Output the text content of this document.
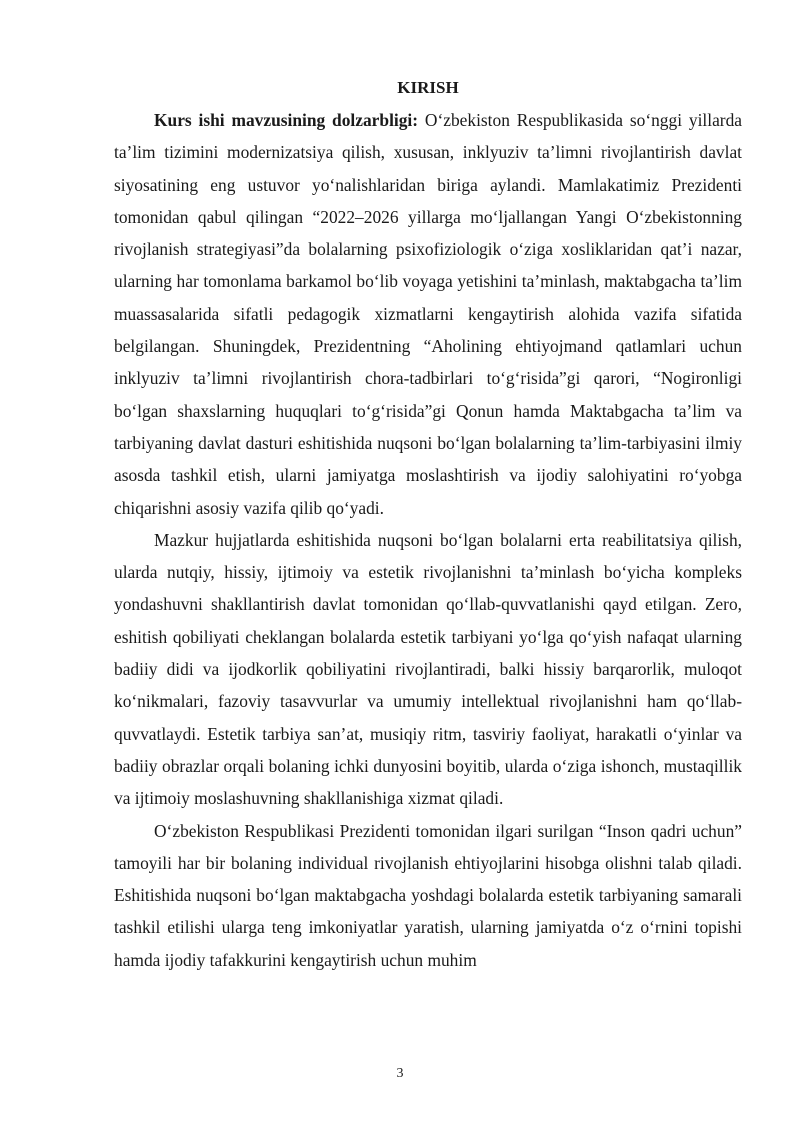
KIRISH

Kurs ishi mavzusining dolzarbligi: O‘zbekiston Respublikasida so‘nggi yillarda ta’lim tizimini modernizatsiya qilish, xususan, inklyuziv ta’limni rivojlantirish davlat siyosatining eng ustuvor yo‘nalishlaridan biriga aylandi. Mamlakatimiz Prezidenti tomonidan qabul qilingan “2022–2026 yillarga mo‘ljallangan Yangi O‘zbekistonning rivojlanish strategiyasi”da bolalarning psixofiziologik o‘ziga xosliklaridan qat’i nazar, ularning har tomonlama barkamol bo‘lib voyaga yetishini ta’minlash, maktabgacha ta’lim muassasalarida sifatli pedagogik xizmatlarni kengaytirish alohida vazifa sifatida belgilangan. Shuningdek, Prezidentning “Aholining ehtiyojmand qatlamlari uchun inklyuziv ta’limni rivojlantirish chora-tadbirlari to‘g‘risida”gi qarori, “Nogironligi bo‘lgan shaxslarning huquqlari to‘g‘risida”gi Qonun hamda Maktabgacha ta’lim va tarbiyaning davlat dasturi eshitishida nuqsoni bo‘lgan bolalarning ta’lim-tarbiyasini ilmiy asosda tashkil etish, ularni jamiyatga moslashtirish va ijodiy salohiyatini ro‘yobga chiqarishni asosiy vazifa qilib qo‘yadi.

Mazkur hujjatlarda eshitishida nuqsoni bo‘lgan bolalarni erta reabilitatsiya qilish, ularda nutqiy, hissiy, ijtimoiy va estetik rivojlanishni ta’minlash bo‘yicha kompleks yondashuvni shakllantirish davlat tomonidan qo‘llab-quvvatlanishi qayd etilgan. Zero, eshitish qobiliyati cheklangan bolalarda estetik tarbiyani yo‘lga qo‘yish nafaqat ularning badiiy didi va ijodkorlik qobiliyatini rivojlantiradi, balki hissiy barqarorlik, muloqot ko‘nikmalari, fazoviy tasavvurlar va umumiy intellektual rivojlanishni ham qo‘llab-quvvatlaydi. Estetik tarbiya san’at, musiqiy ritm, tasviriy faoliyat, harakatli o‘yinlar va badiiy obrazlar orqali bolaning ichki dunyosini boyitib, ularda o‘ziga ishonch, mustaqillik va ijtimoiy moslashuvning shakllanishiga xizmat qiladi.

O‘zbekiston Respublikasi Prezidenti tomonidan ilgari surilgan “Inson qadri uchun” tamoyili har bir bolaning individual rivojlanish ehtiyojlarini hisobga olishni talab qiladi. Eshitishida nuqsoni bo‘lgan maktabgacha yoshdagi bolalarda estetik tarbiyaning samarali tashkil etilishi ularga teng imkoniyatlar yaratish, ularning jamiyatda o‘z o‘rnini topishi hamda ijodiy tafakkurini kengaytirish uchun muhim

3
